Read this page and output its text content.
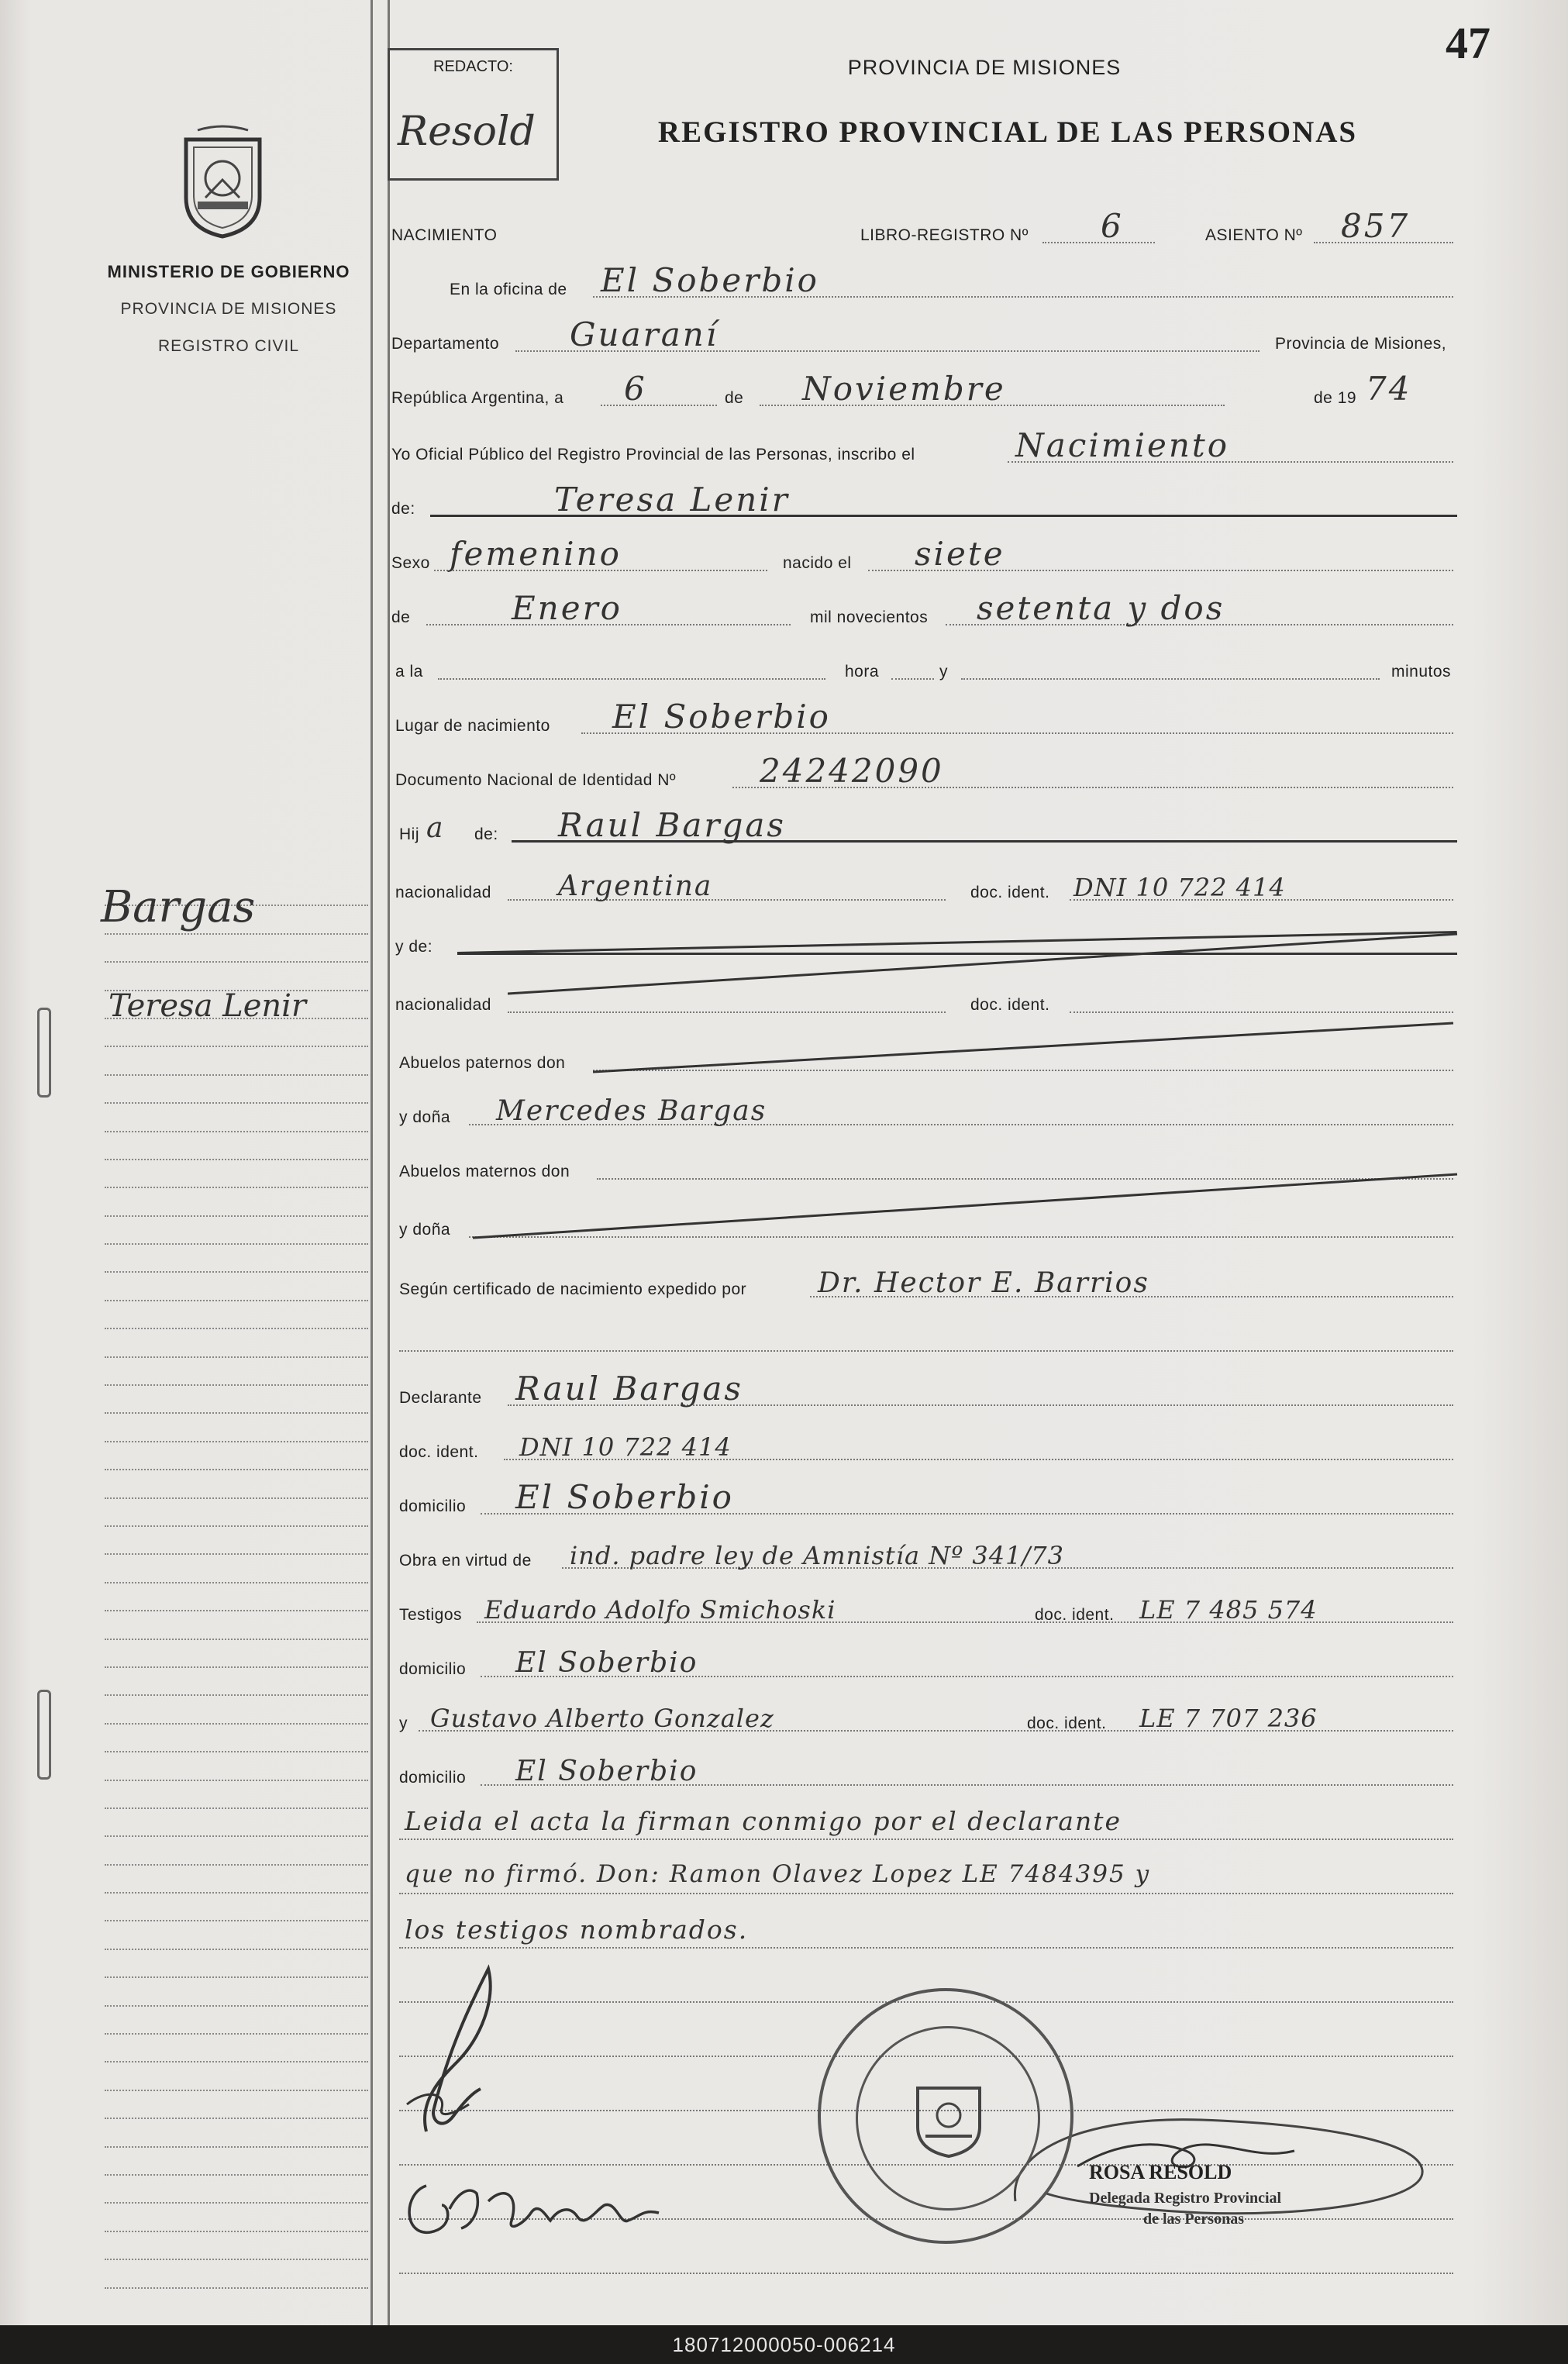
47
MINISTERIO DE GOBIERNO
PROVINCIA DE MISIONES
REGISTRO CIVIL
Bargas
Teresa Lenir
REDACTO:
Resold
PROVINCIA DE MISIONES
REGISTRO PROVINCIAL DE LAS PERSONAS
NACIMIENTO	LIBRO-REGISTRO Nº 6	ASIENTO Nº 857
En la oficina de El Soberbio
Departamento Guaraní	Provincia de Misiones,
República Argentina, a 6	de Noviembre	de 19 74
Yo Oficial Público del Registro Provincial de las Personas, inscribo el	Nacimiento
de:	Teresa Lenir
Sexo femenino	nacido el siete
de	Enero	mil novecientos setenta y dos
a la	hora	y	minutos
Lugar de nacimiento El Soberbio
Documento Nacional de Identidad Nº	24242090
Hij a de: Raul Bargas
nacionalidad Argentina	doc. ident. DNI 10 722 414
y de:
nacionalidad	doc. ident.
Abuelos paternos don
y doña Mercedes Bargas
Abuelos maternos don
y doña
Según certificado de nacimiento expedido por	Dr. Hector E. Barrios
Declarante Raul Bargas
doc. ident. DNI 10 722 414
domicilio El Soberbio
Obra en virtud de ind. padre ley de Amnistía Nº 341/73
Testigos Eduardo Adolfo Smichoski	doc. ident. LE 7 485 574
domicilio El Soberbio
y Gustavo Alberto Gonzalez	doc. ident. LE 7 707 236
domicilio El Soberbio
Leida el acta la firman conmigo por el declarante
que no firmó. Don: Ramon Olavez Lopez LE 7484395 y
los testigos nombrados.
ROSA RESOLD
Delegada Registro Provincial
de las Personas
180712000050-006214
